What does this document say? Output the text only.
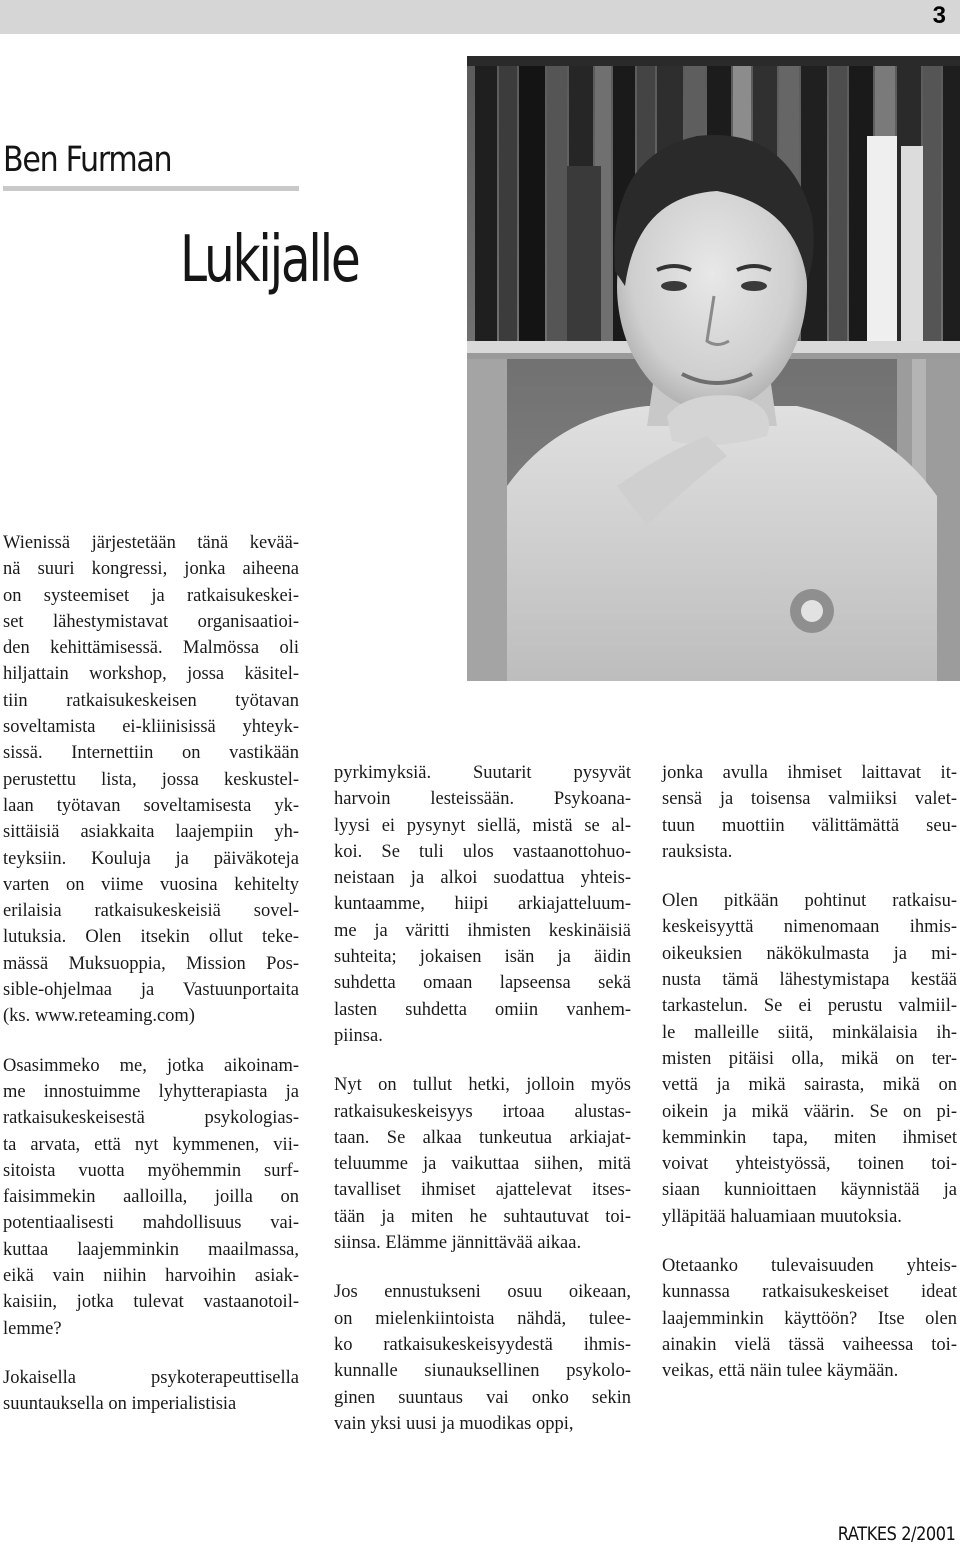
3
Ben Furman
Lukijalle

Wienissä järjestetään tänä kevää-
nä suuri kongressi, jonka aiheena
on systeemiset ja ratkaisukeskei-
set lähestymistavat organisaatioi-
den kehittämisessä. Malmössa oli
hiljattain workshop, jossa käsitel-
tiin ratkaisukeskeisen työtavan
soveltamista ei-kliinisissä yhteyk-
sissä. Internettiin on vastikään
perustettu lista, jossa keskustel-
laan työtavan soveltamisesta yk-
sittäisiä asiakkaita laajempiin yh-
teyksiin. Kouluja ja päiväkoteja
varten on viime vuosina kehitelty
erilaisia ratkaisukeskeisiä sovel-
lutuksia. Olen itsekin ollut teke-
mässä Muksuoppia, Mission Pos-
sible-ohjelmaa ja Vastuunportaita
(ks. www.reteaming.com)

Osasimmeko me, jotka aikoinam-
me innostuimme lyhytterapiasta ja
ratkaisukeskeisestä psykologias-
ta arvata, että nyt kymmenen, vii-
sitoista vuotta myöhemmin surf-
faisimmekin aalloilla, joilla on
potentiaalisesti mahdollisuus vai-
kuttaa laajemminkin maailmassa,
eikä vain niihin harvoihin asiak-
kaisiin, jotka tulevat vastaanotoil-
lemme?

Jokaisella psykoterapeuttisella
suuntauksella on imperialistisia

pyrkimyksiä. Suutarit pysyvät
harvoin lesteissään. Psykoana-
lyysi ei pysynyt siellä, mistä se al-
koi. Se tuli ulos vastaanottohuo-
neistaan ja alkoi suodattua yhteis-
kuntaamme, hiipi arkiajatteluum-
me ja väritti ihmisten keskinäisiä
suhteita; jokaisen isän ja äidin
suhdetta omaan lapseensa sekä
lasten suhdetta omiin vanhem-
piinsa.

Nyt on tullut hetki, jolloin myös
ratkaisukeskeisyys irtoaa alustas-
taan. Se alkaa tunkeutua arkiajat-
teluumme ja vaikuttaa siihen, mitä
tavalliset ihmiset ajattelevat itses-
tään ja miten he suhtautuvat toi-
siinsa. Elämme jännittävää aikaa.

Jos ennustukseni osuu oikeaan,
on mielenkiintoista nähdä, tulee-
ko ratkaisukeskeisyydestä ihmis-
kunnalle siunauksellinen psykolo-
ginen suuntaus vai onko sekin
vain yksi uusi ja muodikas oppi,

jonka avulla ihmiset laittavat it-
sensä ja toisensa valmiiksi valet-
tuun muottiin välittämättä seu-
rauksista.

Olen pitkään pohtinut ratkaisu-
keskeisyyttä nimenomaan ihmis-
oikeuksien näkökulmasta ja mi-
nusta tämä lähestymistapa kestää
tarkastelun. Se ei perustu valmiil-
le malleille siitä, minkälaisia ih-
misten pitäisi olla, mikä on ter-
vettä ja mikä sairasta, mikä on
oikein ja mikä väärin. Se on pi-
kemminkin tapa, miten ihmiset
voivat yhteistyössä, toinen toi-
siaan kunnioittaen käynnistää ja
ylläpitää haluamiaan muutoksia.

Otetaanko tulevaisuuden yhteis-
kunnassa ratkaisukeskeiset ideat
laajemminkin käyttöön? Itse olen
ainakin vielä tässä vaiheessa toi-
veikas, että näin tulee käymään.

RATKES 2/2001
